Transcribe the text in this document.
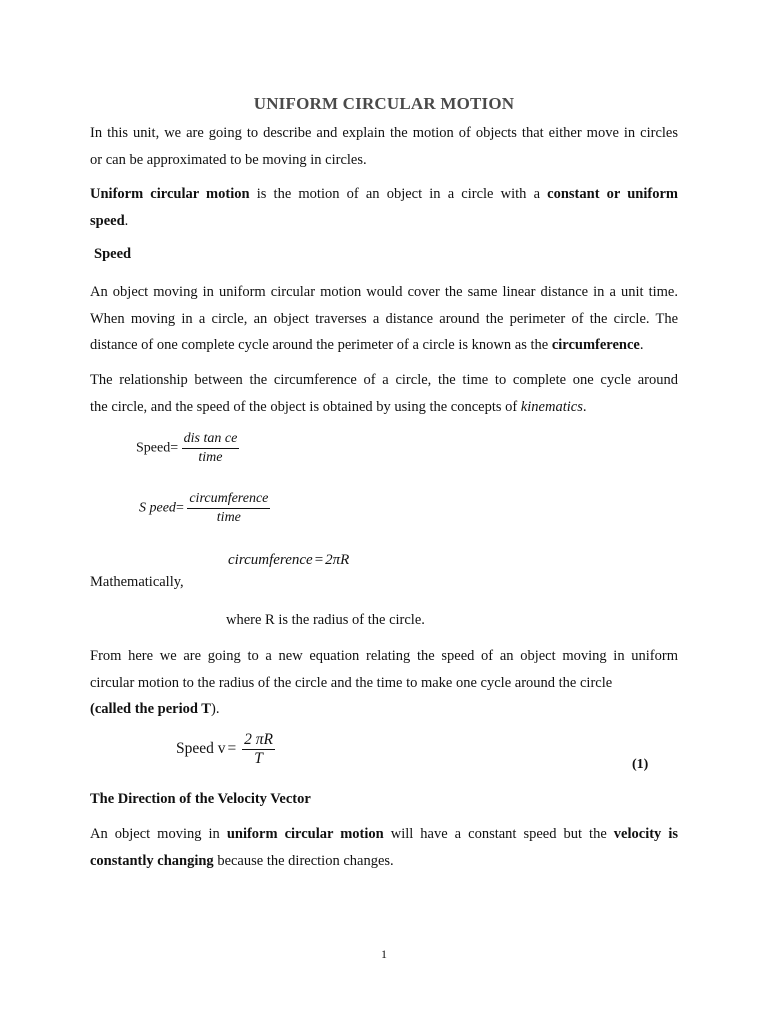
UNIFORM CIRCULAR MOTION
In this unit, we are going to describe and explain the motion of objects that either move in circles
or can be approximated to be moving in circles.
Uniform circular motion is the motion of an object in a circle with a constant or uniform
speed.
Speed
An object moving in uniform circular motion would cover the same linear distance in a unit time.
When moving in a circle, an object traverses a distance around the perimeter of the circle. The
distance of one complete cycle around the perimeter of a circle is known as the circumference.
The relationship between the circumference of a circle, the time to complete one cycle around
the circle, and the speed of the object is obtained by using the concepts of kinematics.
Speed= $\frac{\text{dis tan ce}}{\text{time}}$
S peed= $\frac{\text{circumference}}{\text{time}}$
circumference = 2πR
Mathematically,
where R is the radius of the circle.
From here we are going to a new equation relating the speed of an object moving in uniform
circular motion to the radius of the circle and the time to make one cycle around the circle
(called the period T).
Speed $v = \frac{2 \pi R}{T}$	(1)
The Direction of the Velocity Vector
An object moving in uniform circular motion will have a constant speed but the velocity is
constantly changing because the direction changes.
1
